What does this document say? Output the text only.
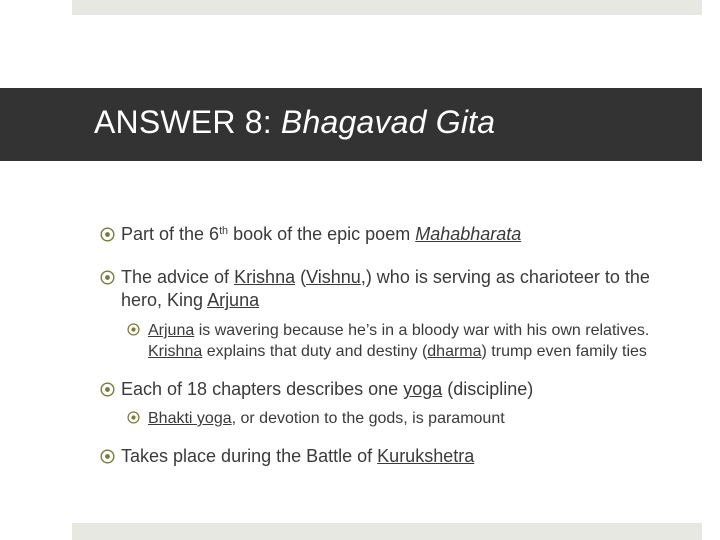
ANSWER 8: Bhagavad Gita
Part of the 6th book of the epic poem Mahabharata
The advice of Krishna (Vishnu,) who is serving as charioteer to the hero, King Arjuna
Arjuna is wavering because he’s in a bloody war with his own relatives. Krishna explains that duty and destiny (dharma) trump even family ties
Each of 18 chapters describes one yoga (discipline)
Bhakti yoga, or devotion to the gods, is paramount
Takes place during the Battle of Kurukshetra
